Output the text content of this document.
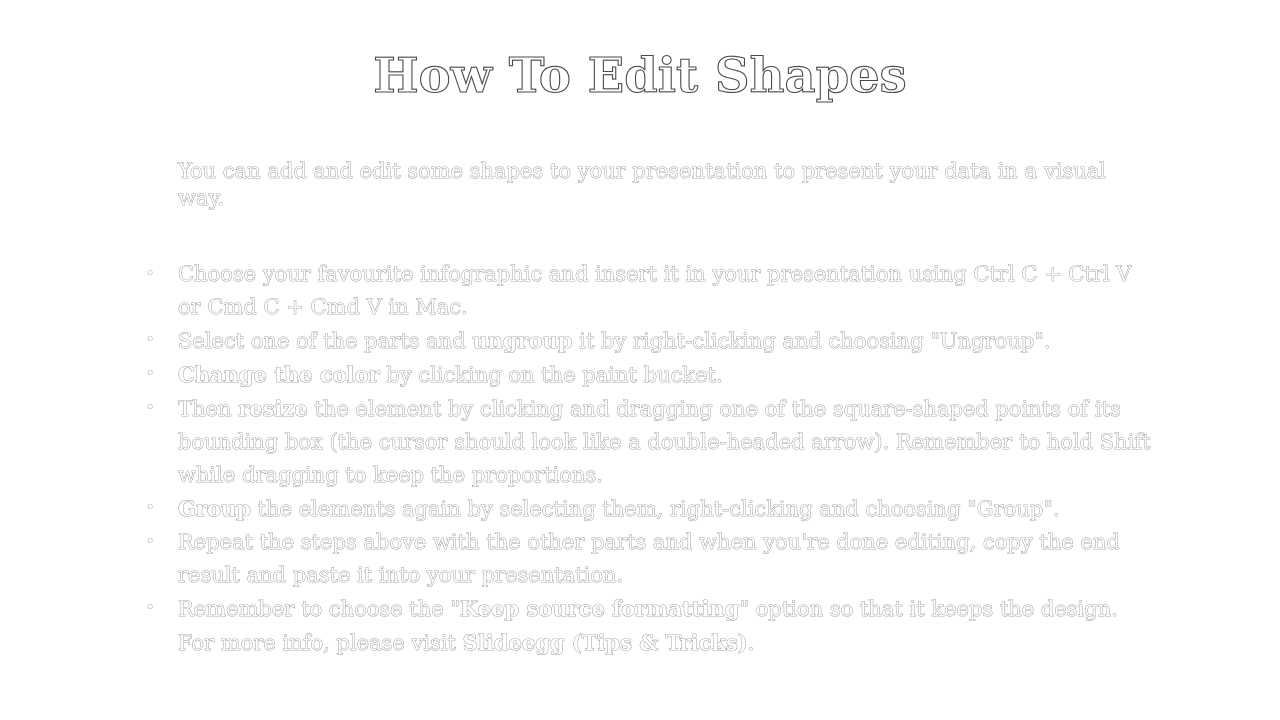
How To Edit Shapes

You can add and edit some shapes to your presentation to present your data in a visual way.

• Choose your favourite infographic and insert it in your presentation using Ctrl C + Ctrl V or Cmd C + Cmd V in Mac.
• Select one of the parts and ungroup it by right-clicking and choosing "Ungroup".
• Change the color by clicking on the paint bucket.
• Then resize the element by clicking and dragging one of the square-shaped points of its bounding box (the cursor should look like a double-headed arrow). Remember to hold Shift while dragging to keep the proportions.
• Group the elements again by selecting them, right-clicking and choosing "Group".
• Repeat the steps above with the other parts and when you're done editing, copy the end result and paste it into your presentation.
• Remember to choose the "Keep source formatting" option so that it keeps the design. For more info, please visit Slideegg (Tips & Tricks).
